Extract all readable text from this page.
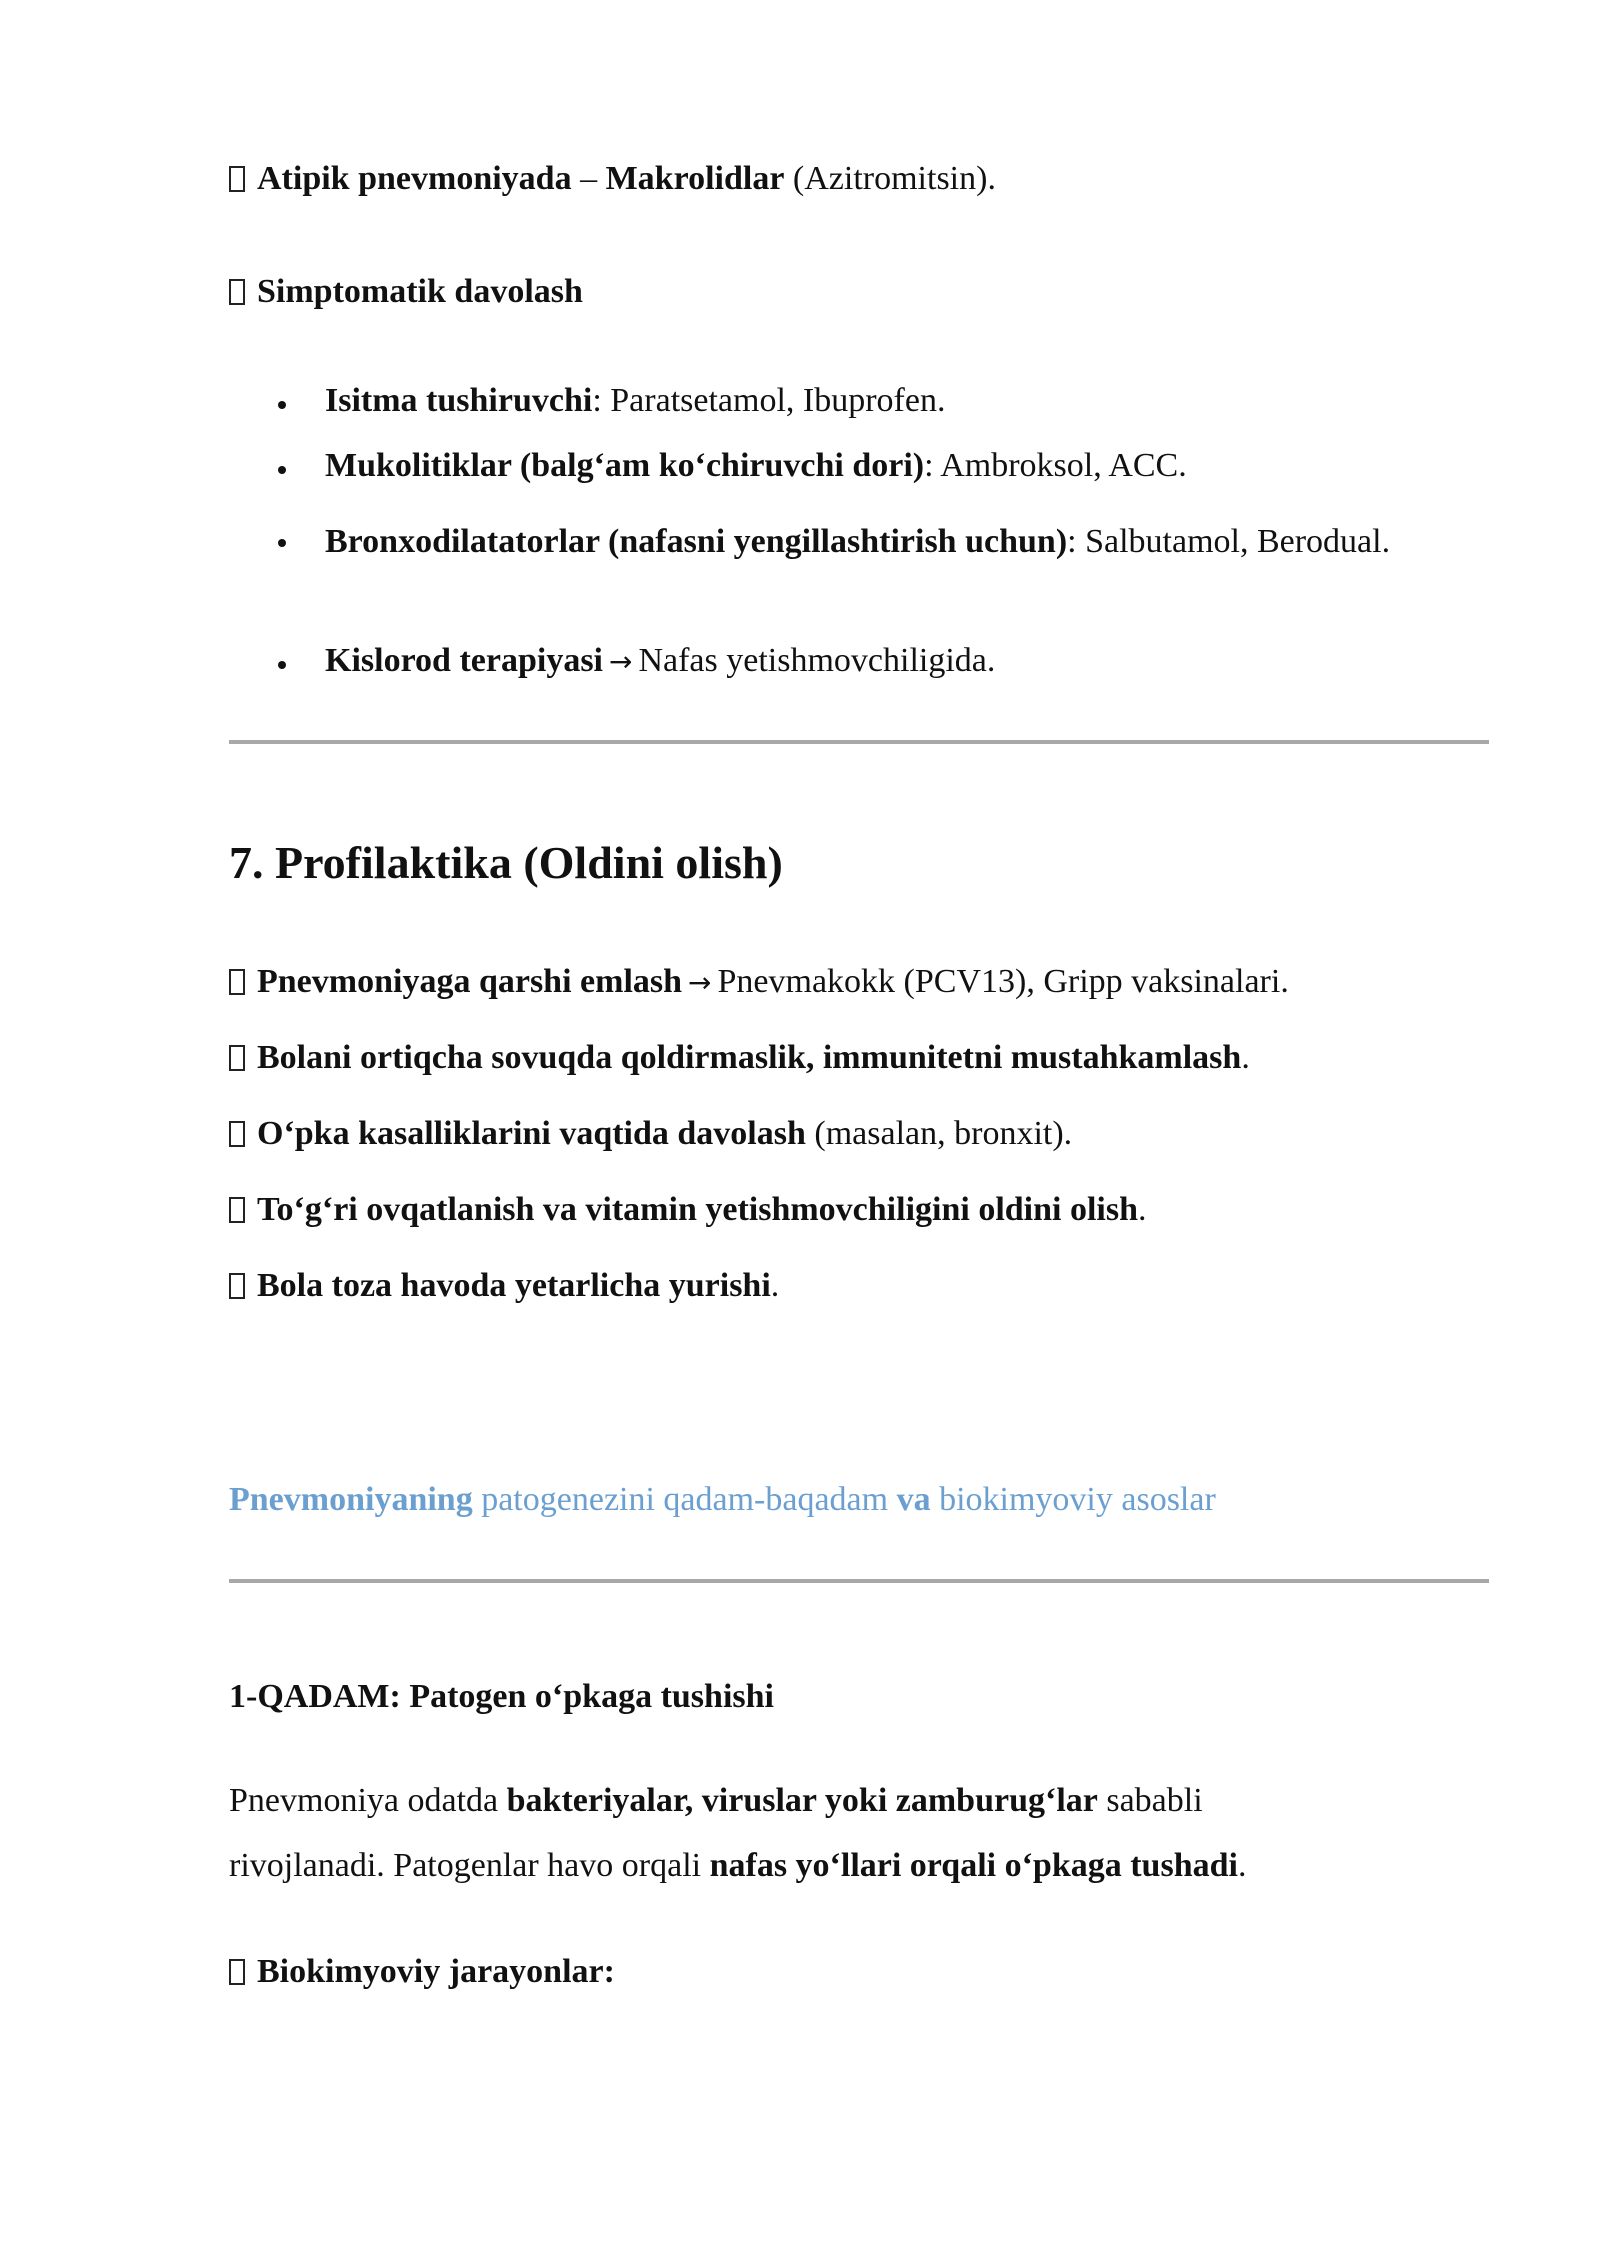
Atipik pnevmoniyada – Makrolidlar (Azitromitsin).
Simptomatik davolash
Isitma tushiruvchi: Paratsetamol, Ibuprofen.
Mukolitiklar (balg‘am ko‘chiruvchi dori): Ambroksol, ACC.
Bronxodilatatorlar (nafasni yengillashtirish uchun): Salbutamol, Berodual.
Kislorod terapiyasi → Nafas yetishmovchiligida.
7. Profilaktika (Oldini olish)
Pnevmoniyaga qarshi emlash → Pnevmakokk (PCV13), Gripp vaksinalari.
Bolani ortiqcha sovuqda qoldirmaslik, immunitetni mustahkamlash.
O‘pka kasalliklarini vaqtida davolash (masalan, bronxit).
To‘g‘ri ovqatlanish va vitamin yetishmovchiligini oldini olish.
Bola toza havoda yetarlicha yurishi.
Pnevmoniyaning patogenezini qadam-baqadam va biokimyoviy asoslar
1-QADAM: Patogen o‘pkaga tushishi
Pnevmoniya odatda bakteriyalar, viruslar yoki zamburug‘lar sababli
rivojlanadi. Patogenlar havo orqali nafas yo‘llari orqali o‘pkaga tushadi.
Biokimyoviy jarayonlar:
